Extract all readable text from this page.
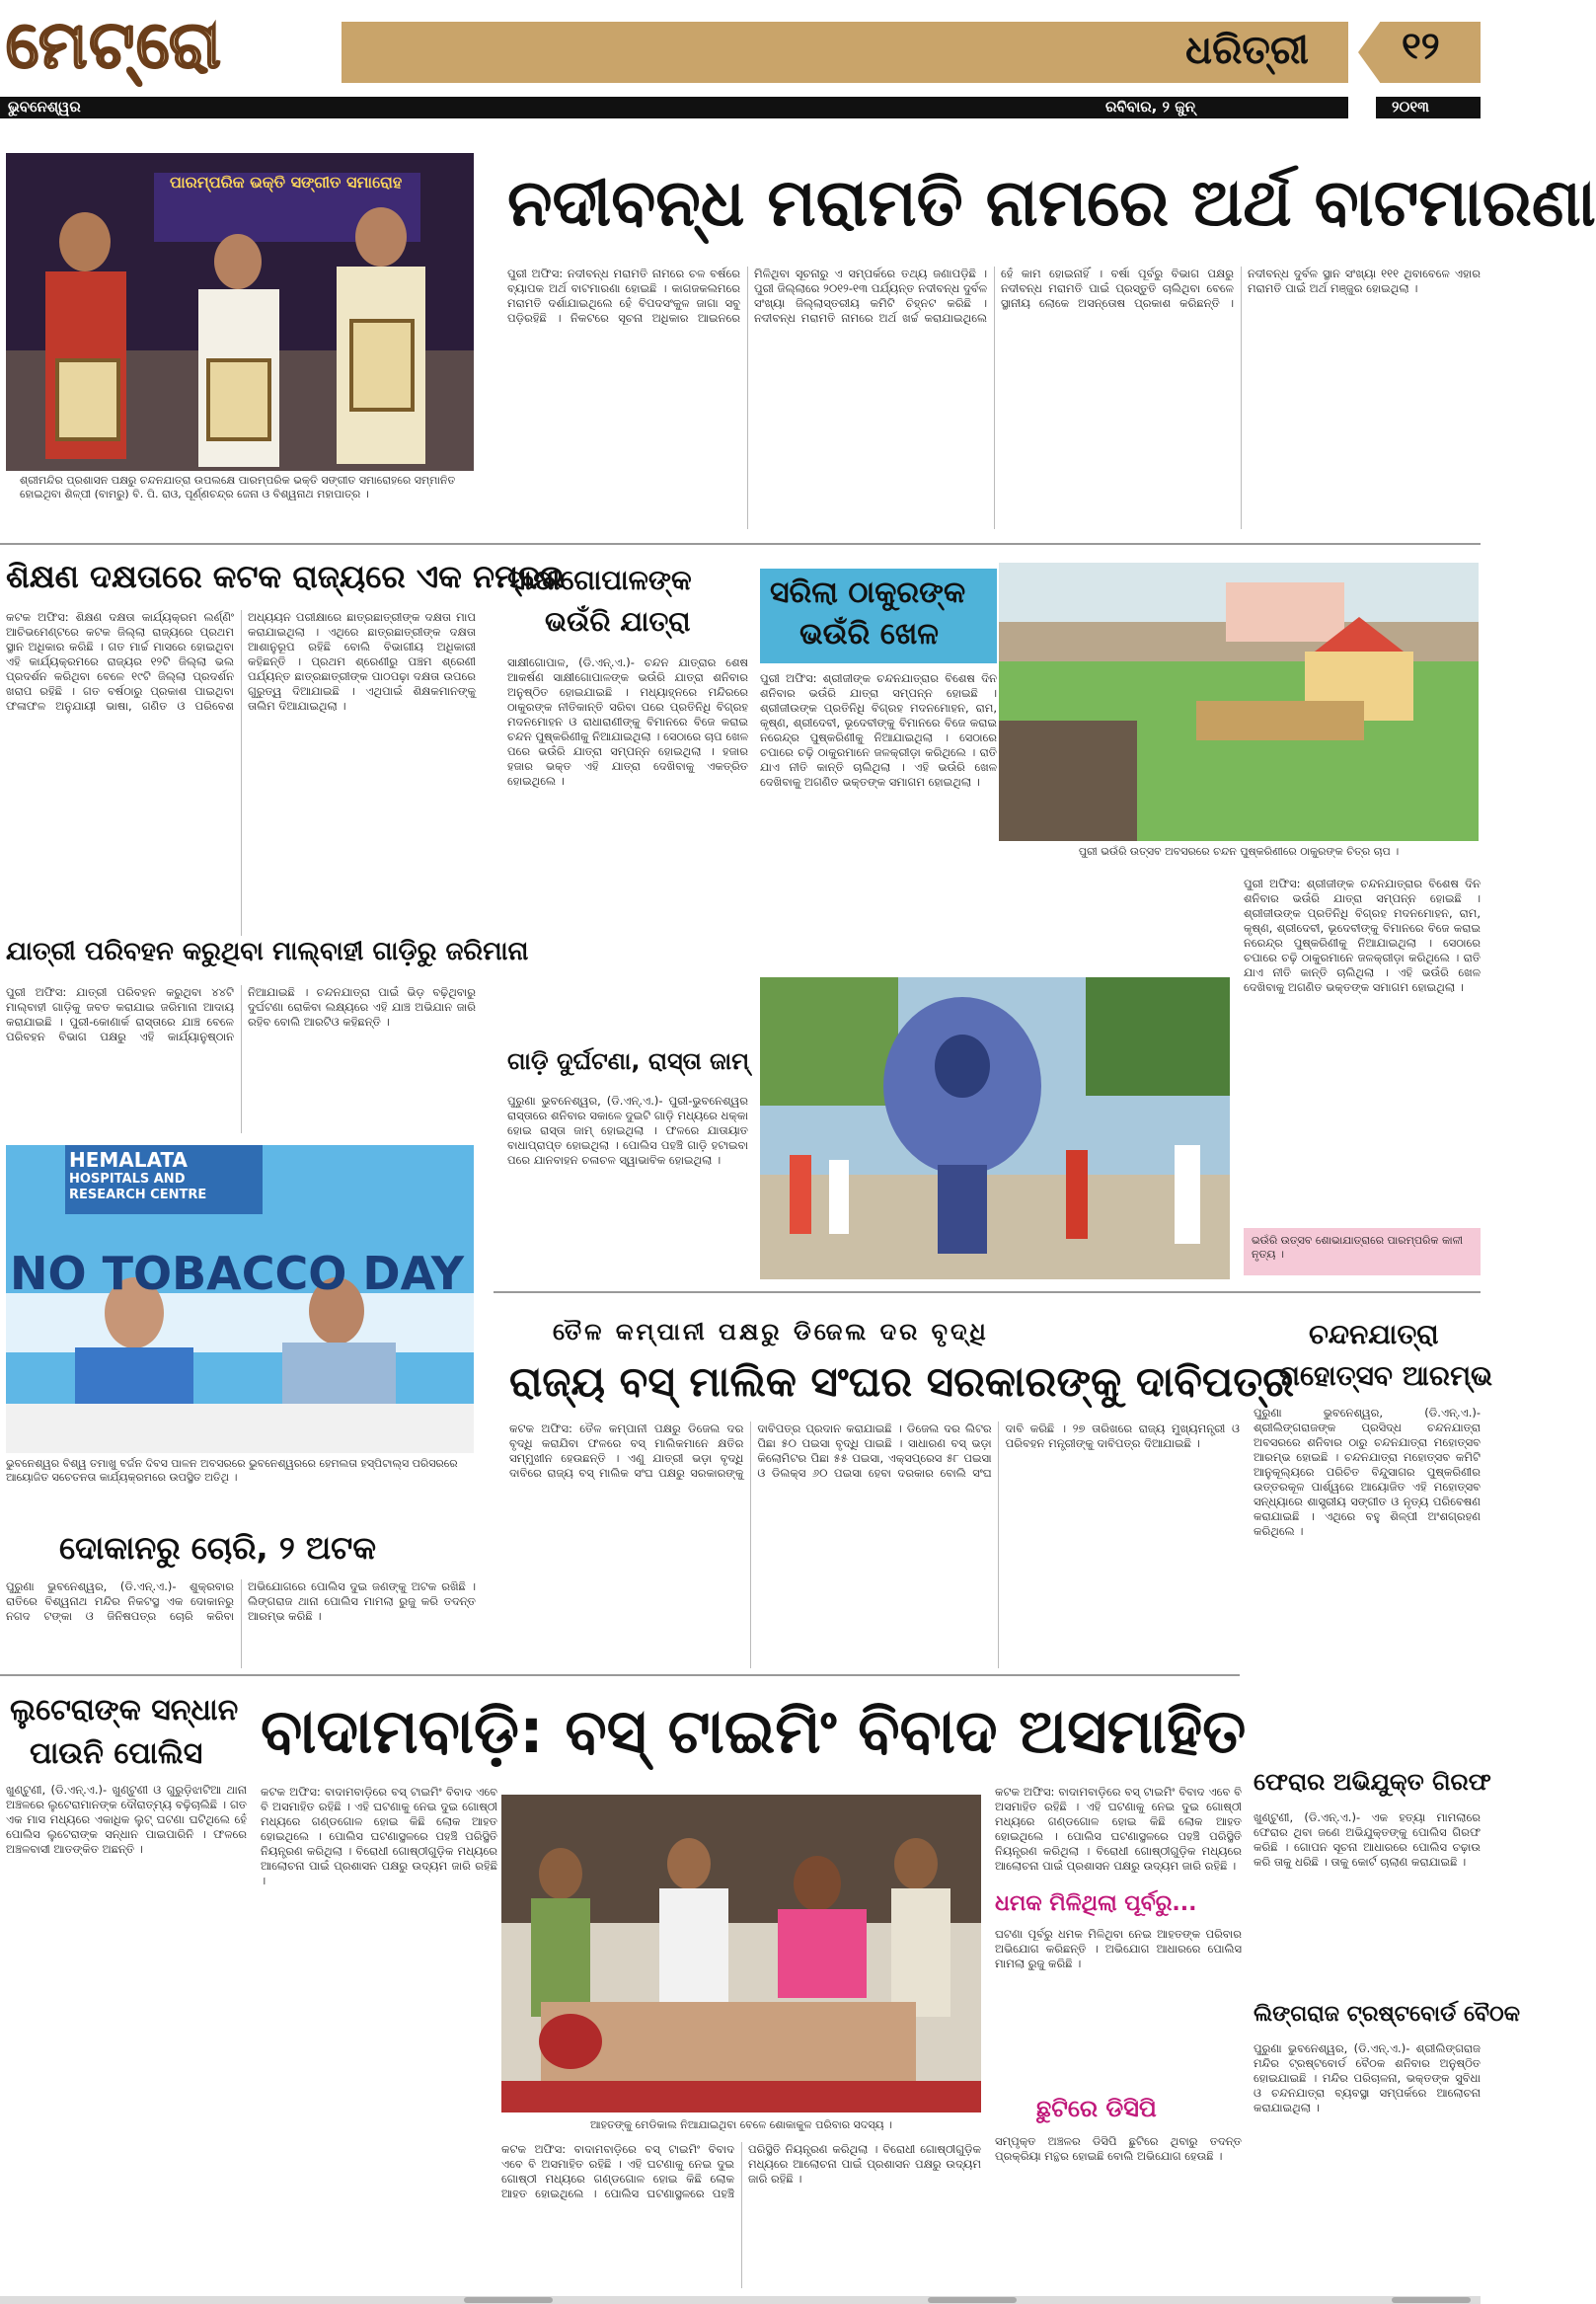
ମେଟ୍ରୋ	ଧରିତ୍ରୀ ୧୨
ଭୁବନେଶ୍ୱର	ରବିବାର, ୨ ଜୁନ୍	୨୦୧୩
ପାରମ୍ପରିକ ଭକ୍ତି ସଙ୍ଗୀତ ସମାରୋହ
ଶ୍ରୀମନ୍ଦିର ପ୍ରଶାସନ ପକ୍ଷରୁ ଚନ୍ଦନଯାତ୍ରା ଉପଲକ୍ଷେ ପାରମ୍ପରିକ ଭକ୍ତି ସଙ୍ଗୀତ ସମାରୋହରେ ସମ୍ମାନିତ ହୋଇଥିବା ଶିଳ୍ପୀ (ବାମରୁ) ବି. ପି. ରାଓ, ପୂର୍ଣ୍ଣଚନ୍ଦ୍ର ଜେନା ଓ ବିଶ୍ୱନାଥ ମହାପାତ୍ର ।
ନଦୀବନ୍ଧ ମରାମତି ନାମରେ ଅର୍ଥ ବାଟମାରଣା
ପୁରୀ ଅଫିସ: ନଦୀବନ୍ଧ ମରାମତି ନାମରେ ଚଳ ବର୍ଷରେ ବ୍ୟାପକ ଅର୍ଥ ବାଟମାରଣା ହୋଇଛି । କାଗଜକଲମରେ ମରାମତି ଦର୍ଶାଯାଇଥିଲେ ହେଁ ବିପଦସଂକୁଳ ଜାଗା ସବୁ ପଡ଼ିରହିଛି । ନିକଟରେ ସୂଚନା ଅଧିକାର ଆଇନରେ ମିଳିଥିବା ସୂଚନାରୁ ଏ ସମ୍ପର୍କରେ ତଥ୍ୟ ଜଣାପଡ଼ିଛି । ପୁରୀ ଜିଲ୍ଲାରେ ୨୦୧୨-୧୩ ପର୍ଯ୍ୟନ୍ତ ନଦୀବନ୍ଧ ଦୁର୍ବଳ ସଂଖ୍ୟା ଜିଲ୍ଲାସ୍ତରୀୟ କମିଟି ଚିହ୍ନଟ କରିଛି । ନଦୀବନ୍ଧ ମରାମତି ନାମରେ ଅର୍ଥ ଖର୍ଚ୍ଚ କରାଯାଇଥିଲେ ହେଁ କାମ ହୋଇନାହିଁ । ବର୍ଷା ପୂର୍ବରୁ ବିଭାଗ ପକ୍ଷରୁ ନଦୀବନ୍ଧ ମରାମତି ପାଇଁ ପ୍ରସ୍ତୁତି ଚାଲିଥିବା ବେଳେ ସ୍ଥାନୀୟ ଲୋକେ ଅସନ୍ତୋଷ ପ୍ରକାଶ କରିଛନ୍ତି । ନଦୀବନ୍ଧ ଦୁର୍ବଳ ସ୍ଥାନ ସଂଖ୍ୟା ୧୧୧ ଥିବାବେଳେ ଏହାର ମରାମତି ପାଇଁ ଅର୍ଥ ମଞ୍ଜୁର ହୋଇଥିଲା ।
ଶିକ୍ଷଣ ଦକ୍ଷତାରେ କଟକ ରାଜ୍ୟରେ ଏକ ନମ୍ବର
କଟକ ଅଫିସ: ଶିକ୍ଷଣ ଦକ୍ଷତା କାର୍ଯ୍ୟକ୍ରମ ଲର୍ଣ୍ଣିଂ ଆଚିଭମେଣ୍ଟରେ କଟକ ଜିଲ୍ଲା ରାଜ୍ୟରେ ପ୍ରଥମ ସ୍ଥାନ ଅଧିକାର କରିଛି । ଗତ ମାର୍ଚ୍ଚ ମାସରେ ହୋଇଥିବା ଏହି କାର୍ଯ୍ୟକ୍ରମରେ ରାଜ୍ୟର ୧୨ଟି ଜିଲ୍ଲା ଭଲ ପ୍ରଦର୍ଶନ କରିଥିବା ବେଳେ ୧୯ଟି ଜିଲ୍ଲା ପ୍ରଦର୍ଶନ ଖରାପ ରହିଛି । ଗତ ବର୍ଷଠାରୁ ପ୍ରକାଶ ପାଇଥିବା ଫଳାଫଳ ଅନୁଯାୟୀ ଭାଷା, ଗଣିତ ଓ ପରିବେଶ ଅଧ୍ୟୟନ ପରୀକ୍ଷାରେ ଛାତ୍ରଛାତ୍ରୀଙ୍କ ଦକ୍ଷତା ମାପ କରାଯାଇଥିଲା । ଏଥିରେ ଛାତ୍ରଛାତ୍ରୀଙ୍କ ଦକ୍ଷତା ଆଶାନୁରୂପ ରହିଛି ବୋଲି ବିଭାଗୀୟ ଅଧିକାରୀ କହିଛନ୍ତି । ପ୍ରଥମ ଶ୍ରେଣୀରୁ ପଞ୍ଚମ ଶ୍ରେଣୀ ପର୍ଯ୍ୟନ୍ତ ଛାତ୍ରଛାତ୍ରୀଙ୍କ ପାଠପଢ଼ା ଦକ୍ଷତା ଉପରେ ଗୁରୁତ୍ୱ ଦିଆଯାଇଛି । ଏଥିପାଇଁ ଶିକ୍ଷକମାନଙ୍କୁ ତାଲିମ ଦିଆଯାଇଥିଲା ।
ଯାତ୍ରୀ ପରିବହନ କରୁଥିବା ମାଲ୍‌ବାହୀ ଗାଡ଼ିରୁ ଜରିମାନା
ପୁରୀ ଅଫିସ: ଯାତ୍ରୀ ପରିବହନ କରୁଥିବା ୪୪ଟି ମାଲ୍‌ବାହୀ ଗାଡ଼ିକୁ ଜବତ କରାଯାଇ ଜରିମାନା ଆଦାୟ କରାଯାଇଛି । ପୁରୀ-କୋଣାର୍କ ରାସ୍ତାରେ ଯାଞ୍ଚ ବେଳେ ପରିବହନ ବିଭାଗ ପକ୍ଷରୁ ଏହି କାର୍ଯ୍ୟାନୁଷ୍ଠାନ ନିଆଯାଇଛି । ଚନ୍ଦନଯାତ୍ରା ପାଇଁ ଭିଡ଼ ବଢ଼ିଥିବାରୁ ଦୁର୍ଘଟଣା ରୋକିବା ଲକ୍ଷ୍ୟରେ ଏହି ଯାଞ୍ଚ ଅଭିଯାନ ଜାରି ରହିବ ବୋଲି ଆରଟିଓ କହିଛନ୍ତି ।
HEMALATA
HOSPITALS AND
RESEARCH CENTRE
NO TOBACCO DAY
ଭୁବନେଶ୍ୱର ବିଶ୍ୱ ତମାଖୁ ବର୍ଜନ ଦିବସ ପାଳନ ଅବସରରେ ଭୁବନେଶ୍ୱରରେ ହେମଲତା ହସ୍ପିଟାଲ୍ସ ପରିସରରେ ଆୟୋଜିତ ସଚେତନତା କାର୍ଯ୍ୟକ୍ରମରେ ଉପସ୍ଥିତ ଅତିଥି ।
ସାକ୍ଷୀଗୋପାଳଙ୍କ
ଭଉଁରି ଯାତ୍ରା
ସାକ୍ଷୀଗୋପାଳ, (ଡି.ଏନ୍.ଏ.)- ଚନ୍ଦନ ଯାତ୍ରାର ଶେଷ ଆକର୍ଷଣ ସାକ୍ଷୀଗୋପାଳଙ୍କ ଭଉଁରି ଯାତ୍ରା ଶନିବାର ଅନୁଷ୍ଠିତ ହୋଇଯାଇଛି । ମଧ୍ୟାହ୍ନରେ ମନ୍ଦିରରେ ଠାକୁରଙ୍କ ନୀତିକାନ୍ତି ସରିବା ପରେ ପ୍ରତିନିଧି ବିଗ୍ରହ ମଦନମୋହନ ଓ ରାଧାରାଣୀଙ୍କୁ ବିମାନରେ ବିଜେ କରାଇ ଚନ୍ଦନ ପୁଷ୍କରିଣୀକୁ ନିଆଯାଇଥିଲା । ସେଠାରେ ଚାପ ଖେଳ ପରେ ଭଉଁରି ଯାତ୍ରା ସମ୍ପନ୍ନ ହୋଇଥିଲା । ହଜାର ହଜାର ଭକ୍ତ ଏହି ଯାତ୍ରା ଦେଖିବାକୁ ଏକତ୍ରିତ ହୋଇଥିଲେ ।
ଗାଡ଼ି ଦୁର୍ଘଟଣା, ରାସ୍ତା ଜାମ୍
ପୁରୁଣା ଭୁବନେଶ୍ୱର, (ଡି.ଏନ୍.ଏ.)- ପୁରୀ-ଭୁବନେଶ୍ୱର ରାସ୍ତାରେ ଶନିବାର ସକାଳେ ଦୁଇଟି ଗାଡ଼ି ମଧ୍ୟରେ ଧକ୍କା ହୋଇ ରାସ୍ତା ଜାମ୍ ହୋଇଥିଲା । ଫଳରେ ଯାତାୟାତ ବାଧାପ୍ରାପ୍ତ ହୋଇଥିଲା । ପୋଲିସ ପହଞ୍ଚି ଗାଡ଼ି ହଟାଇବା ପରେ ଯାନବାହନ ଚଳାଚଳ ସ୍ୱାଭାବିକ ହୋଇଥିଲା ।
ସରିଲା ଠାକୁରଙ୍କ
ଭଉଁରି ଖେଳ
ପୁରୀ ଅଫିସ: ଶ୍ରୀଜୀଙ୍କ ଚନ୍ଦନଯାତ୍ରାର ବିଶେଷ ଦିନ ଶନିବାର ଭଉଁରି ଯାତ୍ରା ସମ୍ପନ୍ନ ହୋଇଛି । ଶ୍ରୀଜୀଉଙ୍କ ପ୍ରତିନିଧି ବିଗ୍ରହ ମଦନମୋହନ, ରାମ, କୃଷ୍ଣ, ଶ୍ରୀଦେବୀ, ଭୂଦେବୀଙ୍କୁ ବିମାନରେ ବିଜେ କରାଇ ନରେନ୍ଦ୍ର ପୁଷ୍କରିଣୀକୁ ନିଆଯାଇଥିଲା । ସେଠାରେ ଚପାରେ ଚଢ଼ି ଠାକୁରମାନେ ଜଳକ୍ରୀଡ଼ା କରିଥିଲେ । ରାତି ଯାଏ ନୀତି କାନ୍ତି ଚାଲିଥିଲା । ଏହି ଭଉଁରି ଖେଳ ଦେଖିବାକୁ ଅଗଣିତ ଭକ୍ତଙ୍କ ସମାଗମ ହୋଇଥିଲା ।
ପୁରୀ ଭଉଁରି ଉତ୍ସବ ଅବସରରେ ଚନ୍ଦନ ପୁଷ୍କରିଣୀରେ ଠାକୁରଙ୍କ ଚିତ୍ର ଚାପ ।
ପୁରୀ ଅଫିସ: ଶ୍ରୀଜୀଙ୍କ ଚନ୍ଦନଯାତ୍ରାର ବିଶେଷ ଦିନ ଶନିବାର ଭଉଁରି ଯାତ୍ରା ସମ୍ପନ୍ନ ହୋଇଛି । ଶ୍ରୀଜୀଉଙ୍କ ପ୍ରତିନିଧି ବିଗ୍ରହ ମଦନମୋହନ, ରାମ, କୃଷ୍ଣ, ଶ୍ରୀଦେବୀ, ଭୂଦେବୀଙ୍କୁ ବିମାନରେ ବିଜେ କରାଇ ନରେନ୍ଦ୍ର ପୁଷ୍କରିଣୀକୁ ନିଆଯାଇଥିଲା । ସେଠାରେ ଚପାରେ ଚଢ଼ି ଠାକୁରମାନେ ଜଳକ୍ରୀଡ଼ା କରିଥିଲେ । ରାତି ଯାଏ ନୀତି କାନ୍ତି ଚାଲିଥିଲା । ଏହି ଭଉଁରି ଖେଳ ଦେଖିବାକୁ ଅଗଣିତ ଭକ୍ତଙ୍କ ସମାଗମ ହୋଇଥିଲା ।
ଭଉଁରି ଉତ୍ସବ ଶୋଭାଯାତ୍ରାରେ ପାରମ୍ପରିକ କାଳୀ ନୃତ୍ୟ ।
ତୈଳ କମ୍ପାନୀ ପକ୍ଷରୁ ଡିଜେଲ ଦର ବୃଦ୍ଧି
ରାଜ୍ୟ ବସ୍ ମାଲିକ ସଂଘର ସରକାରଙ୍କୁ ଦାବିପତ୍ର
କଟକ ଅଫିସ: ତୈଳ କମ୍ପାନୀ ପକ୍ଷରୁ ଡିଜେଲ ଦର ବୃଦ୍ଧି କରାଯିବା ଫଳରେ ବସ୍ ମାଲିକମାନେ କ୍ଷତିର ସମ୍ମୁଖୀନ ହେଉଛନ୍ତି । ଏଣୁ ଯାତ୍ରୀ ଭଡ଼ା ବୃଦ୍ଧି ଦାବିରେ ରାଜ୍ୟ ବସ୍ ମାଲିକ ସଂଘ ପକ୍ଷରୁ ସରକାରଙ୍କୁ ଦାବିପତ୍ର ପ୍ରଦାନ କରାଯାଇଛି । ଡିଜେଲ ଦର ଲିଟର ପିଛା ୫୦ ପଇସା ବୃଦ୍ଧି ପାଇଛି । ସାଧାରଣ ବସ୍ ଭଡ଼ା କିଲୋମିଟର ପିଛା ୫୫ ପଇସା, ଏକ୍ସପ୍ରେସ ୫୮ ପଇସା ଓ ଡିଲକ୍ସ ୬୦ ପଇସା ହେବା ଦରକାର ବୋଲି ସଂଘ ଦାବି କରିଛି । ୨୭ ତାରିଖରେ ରାଜ୍ୟ ମୁଖ୍ୟମନ୍ତ୍ରୀ ଓ ପରିବହନ ମନ୍ତ୍ରୀଙ୍କୁ ଦାବିପତ୍ର ଦିଆଯାଇଛି ।
ଚନ୍ଦନଯାତ୍ରା
ମହୋତ୍ସବ ଆରମ୍ଭ
ପୁରୁଣା ଭୁବନେଶ୍ୱର, (ଡି.ଏନ୍.ଏ.)- ଶ୍ରୀଲିଙ୍ଗରାଜଙ୍କ ପ୍ରସିଦ୍ଧ ଚନ୍ଦନଯାତ୍ରା ଅବସରରେ ଶନିବାର ଠାରୁ ଚନ୍ଦନଯାତ୍ରା ମହୋତ୍ସବ ଆରମ୍ଭ ହୋଇଛି । ଚନ୍ଦନଯାତ୍ରା ମହୋତ୍ସବ କମିଟି ଆନୁକୂଲ୍ୟରେ ପରିଚିତ ବିନ୍ଦୁସାଗର ପୁଷ୍କରିଣୀର ଉତ୍ତରକୂଳ ପାର୍ଶ୍ୱରେ ଆୟୋଜିତ ଏହି ମହୋତ୍ସବ ସନ୍ଧ୍ୟାରେ ଶାସ୍ତ୍ରୀୟ ସଙ୍ଗୀତ ଓ ନୃତ୍ୟ ପରିବେଷଣ କରାଯାଇଛି । ଏଥିରେ ବହୁ ଶିଳ୍ପୀ ଅଂଶଗ୍ରହଣ କରିଥିଲେ ।
ଫେରାର ଅଭିଯୁକ୍ତ ଗିରଫ
ଖୁଣ୍ଟୁଣୀ, (ଡି.ଏନ୍.ଏ.)- ଏକ ହତ୍ୟା ମାମଲାରେ ଫେରାର ଥିବା ଜଣେ ଅଭିଯୁକ୍ତଙ୍କୁ ପୋଲିସ ଗିରଫ କରିଛି । ଗୋପନ ସୂଚନା ଆଧାରରେ ପୋଲିସ ଚଢ଼ାଉ କରି ତାକୁ ଧରିଛି । ତାକୁ କୋର୍ଟ ଚାଲାଣ କରାଯାଇଛି ।
ଲିଙ୍ଗରାଜ ଟ୍ରଷ୍ଟବୋର୍ଡ ବୈଠକ
ପୁରୁଣା ଭୁବନେଶ୍ୱର, (ଡି.ଏନ୍.ଏ.)- ଶ୍ରୀଲିଙ୍ଗରାଜ ମନ୍ଦିର ଟ୍ରଷ୍ଟବୋର୍ଡ ବୈଠକ ଶନିବାର ଅନୁଷ୍ଠିତ ହୋଇଯାଇଛି । ମନ୍ଦିର ପରିଚାଳନା, ଭକ୍ତଙ୍କ ସୁବିଧା ଓ ଚନ୍ଦନଯାତ୍ରା ବ୍ୟବସ୍ଥା ସମ୍ପର୍କରେ ଆଲୋଚନା କରାଯାଇଥିଲା ।
ଦୋକାନରୁ ଚୋରି, ୨ ଅଟକ
ପୁରୁଣା ଭୁବନେଶ୍ୱର, (ଡି.ଏନ୍.ଏ.)- ଶୁକ୍ରବାର ରାତିରେ ବିଶ୍ୱନାଥ ମନ୍ଦିର ନିକଟସ୍ଥ ଏକ ଦୋକାନରୁ ନଗଦ ଟଙ୍କା ଓ ଜିନିଷପତ୍ର ଚୋରି କରିବା ଅଭିଯୋଗରେ ପୋଲିସ ଦୁଇ ଜଣଙ୍କୁ ଅଟକ ରଖିଛି । ଲିଙ୍ଗରାଜ ଥାନା ପୋଲିସ ମାମଲା ରୁଜୁ କରି ତଦନ୍ତ ଆରମ୍ଭ କରିଛି ।
ଲୁଟେରାଙ୍କ ସନ୍ଧାନ
ପାଉନି ପୋଲିସ
ଖୁଣ୍ଟୁଣୀ, (ଡି.ଏନ୍.ଏ.)- ଖୁଣ୍ଟୁଣୀ ଓ ଗୁରୁଡ଼ିଝାଟିଆ ଥାନା ଅଞ୍ଚଳରେ ଲୁଟେରାମାନଙ୍କ ଦୌରାତ୍ମ୍ୟ ବଢ଼ିଚାଲିଛି । ଗତ ଏକ ମାସ ମଧ୍ୟରେ ଏକାଧିକ ଲୁଟ୍ ଘଟଣା ଘଟିଥିଲେ ହେଁ ପୋଲିସ ଲୁଟେରାଙ୍କ ସନ୍ଧାନ ପାଇପାରିନି । ଫଳରେ ଅଞ୍ଚଳବାସୀ ଆତଙ୍କିତ ଅଛନ୍ତି ।
ବାଦାମବାଡ଼ି: ବସ୍ ଟାଇମିଂ ବିବାଦ ଅସମାହିତ
କଟକ ଅଫିସ: ବାଦାମବାଡ଼ିରେ ବସ୍ ଟାଇମିଂ ବିବାଦ ଏବେ ବି ଅସମାହିତ ରହିଛି । ଏହି ଘଟଣାକୁ ନେଇ ଦୁଇ ଗୋଷ୍ଠୀ ମଧ୍ୟରେ ଗଣ୍ଡଗୋଳ ହୋଇ କିଛି ଲୋକ ଆହତ ହୋଇଥିଲେ । ପୋଲିସ ଘଟଣାସ୍ଥଳରେ ପହଞ୍ଚି ପରିସ୍ଥିତି ନିୟନ୍ତ୍ରଣ କରିଥିଲା । ବିରୋଧୀ ଗୋଷ୍ଠୀଗୁଡ଼ିକ ମଧ୍ୟରେ ଆଲୋଚନା ପାଇଁ ପ୍ରଶାସନ ପକ୍ଷରୁ ଉଦ୍ୟମ ଜାରି ରହିଛି ।
ଆହତଙ୍କୁ ମେଡିକାଲ ନିଆଯାଇଥିବା ବେଳେ ଶୋକାକୁଳ ପରିବାର ସଦସ୍ୟ ।
କଟକ ଅଫିସ: ବାଦାମବାଡ଼ିରେ ବସ୍ ଟାଇମିଂ ବିବାଦ ଏବେ ବି ଅସମାହିତ ରହିଛି । ଏହି ଘଟଣାକୁ ନେଇ ଦୁଇ ଗୋଷ୍ଠୀ ମଧ୍ୟରେ ଗଣ୍ଡଗୋଳ ହୋଇ କିଛି ଲୋକ ଆହତ ହୋଇଥିଲେ । ପୋଲିସ ଘଟଣାସ୍ଥଳରେ ପହଞ୍ଚି ପରିସ୍ଥିତି ନିୟନ୍ତ୍ରଣ କରିଥିଲା । ବିରୋଧୀ ଗୋଷ୍ଠୀଗୁଡ଼ିକ ମଧ୍ୟରେ ଆଲୋଚନା ପାଇଁ ପ୍ରଶାସନ ପକ୍ଷରୁ ଉଦ୍ୟମ ଜାରି ରହିଛି ।
ଧମକ ମିଳିଥିଲା ପୂର୍ବରୁ...
ଘଟଣା ପୂର୍ବରୁ ଧମକ ମିଳିଥିବା ନେଇ ଆହତଙ୍କ ପରିବାର ଅଭିଯୋଗ କରିଛନ୍ତି । ଅଭିଯୋଗ ଆଧାରରେ ପୋଲିସ ମାମଲା ରୁଜୁ କରିଛି ।
ଛୁଟିରେ ଡିସିପି
ସମ୍ପୃକ୍ତ ଅଞ୍ଚଳର ଡିସିପି ଛୁଟିରେ ଥିବାରୁ ତଦନ୍ତ ପ୍ରକ୍ରିୟା ମନ୍ଥର ହୋଇଛି ବୋଲି ଅଭିଯୋଗ ହେଉଛି ।
କଟକ ଅଫିସ: ବାଦାମବାଡ଼ିରେ ବସ୍ ଟାଇମିଂ ବିବାଦ ଏବେ ବି ଅସମାହିତ ରହିଛି । ଏହି ଘଟଣାକୁ ନେଇ ଦୁଇ ଗୋଷ୍ଠୀ ମଧ୍ୟରେ ଗଣ୍ଡଗୋଳ ହୋଇ କିଛି ଲୋକ ଆହତ ହୋଇଥିଲେ । ପୋଲିସ ଘଟଣାସ୍ଥଳରେ ପହଞ୍ଚି ପରିସ୍ଥିତି ନିୟନ୍ତ୍ରଣ କରିଥିଲା । ବିରୋଧୀ ଗୋଷ୍ଠୀଗୁଡ଼ିକ ମଧ୍ୟରେ ଆଲୋଚନା ପାଇଁ ପ୍ରଶାସନ ପକ୍ଷରୁ ଉଦ୍ୟମ ଜାରି ରହିଛି ।
